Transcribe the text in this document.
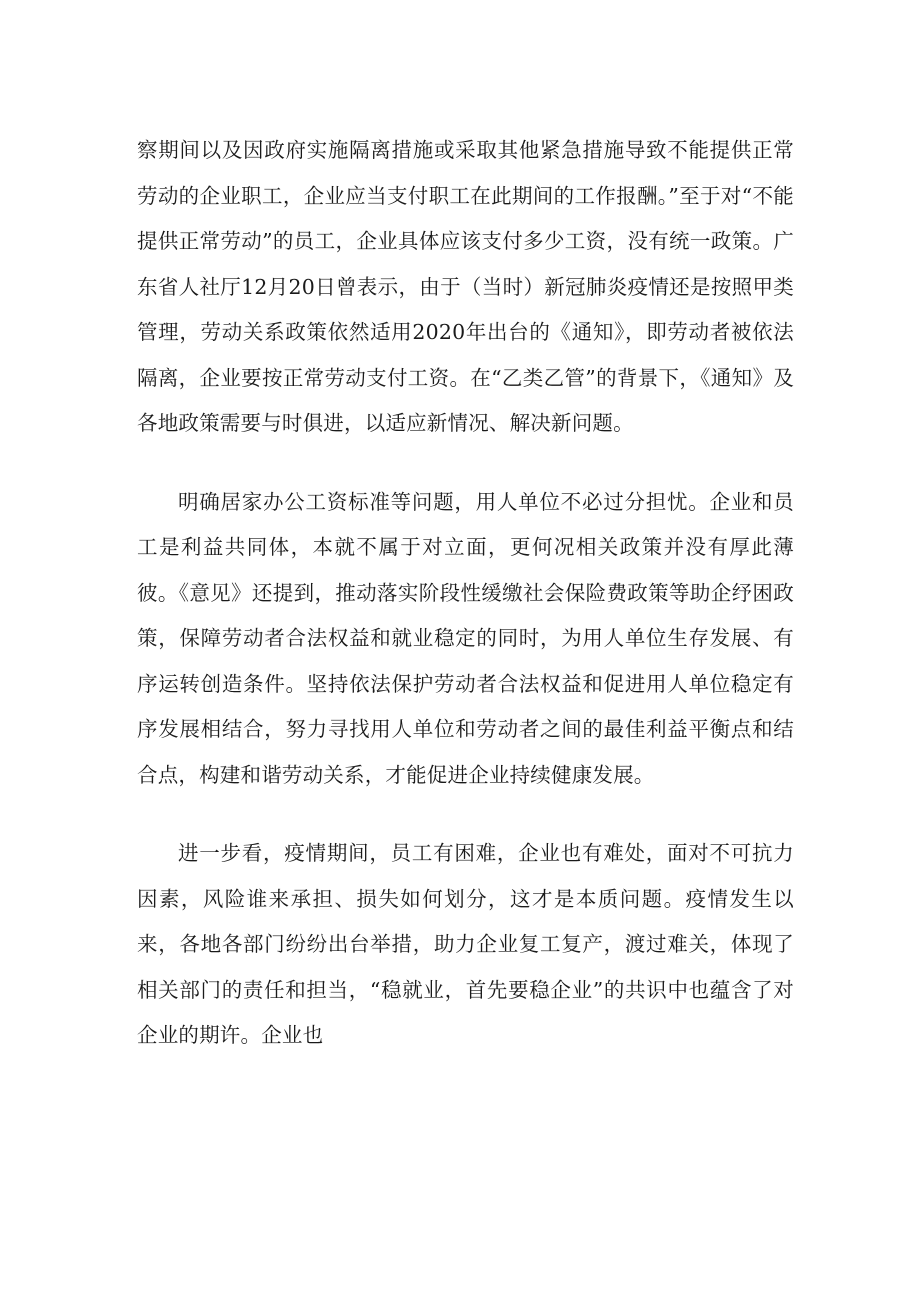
察期间以及因政府实施隔离措施或采取其他紧急措施导致不能提供正常劳动的企业职工，企业应当支付职工在此期间的工作报酬。”至于对“不能提供正常劳动”的员工，企业具体应该支付多少工资，没有统一政策。广东省人社厅12月20日曾表示，由于（当时）新冠肺炎疫情还是按照甲类管理，劳动关系政策依然适用2020年出台的《通知》，即劳动者被依法隔离，企业要按正常劳动支付工资。在“乙类乙管”的背景下，《通知》及各地政策需要与时俱进，以适应新情况、解决新问题。

明确居家办公工资标准等问题，用人单位不必过分担忧。企业和员工是利益共同体，本就不属于对立面，更何况相关政策并没有厚此薄彼。《意见》还提到，推动落实阶段性缓缴社会保险费政策等助企纾困政策，保障劳动者合法权益和就业稳定的同时，为用人单位生存发展、有序运转创造条件。坚持依法保护劳动者合法权益和促进用人单位稳定有序发展相结合，努力寻找用人单位和劳动者之间的最佳利益平衡点和结合点，构建和谐劳动关系，才能促进企业持续健康发展。

进一步看，疫情期间，员工有困难，企业也有难处，面对不可抗力因素，风险谁来承担、损失如何划分，这才是本质问题。疫情发生以来，各地各部门纷纷出台举措，助力企业复工复产，渡过难关，体现了相关部门的责任和担当，“稳就业，首先要稳企业”的共识中也蕴含了对企业的期许。企业也
